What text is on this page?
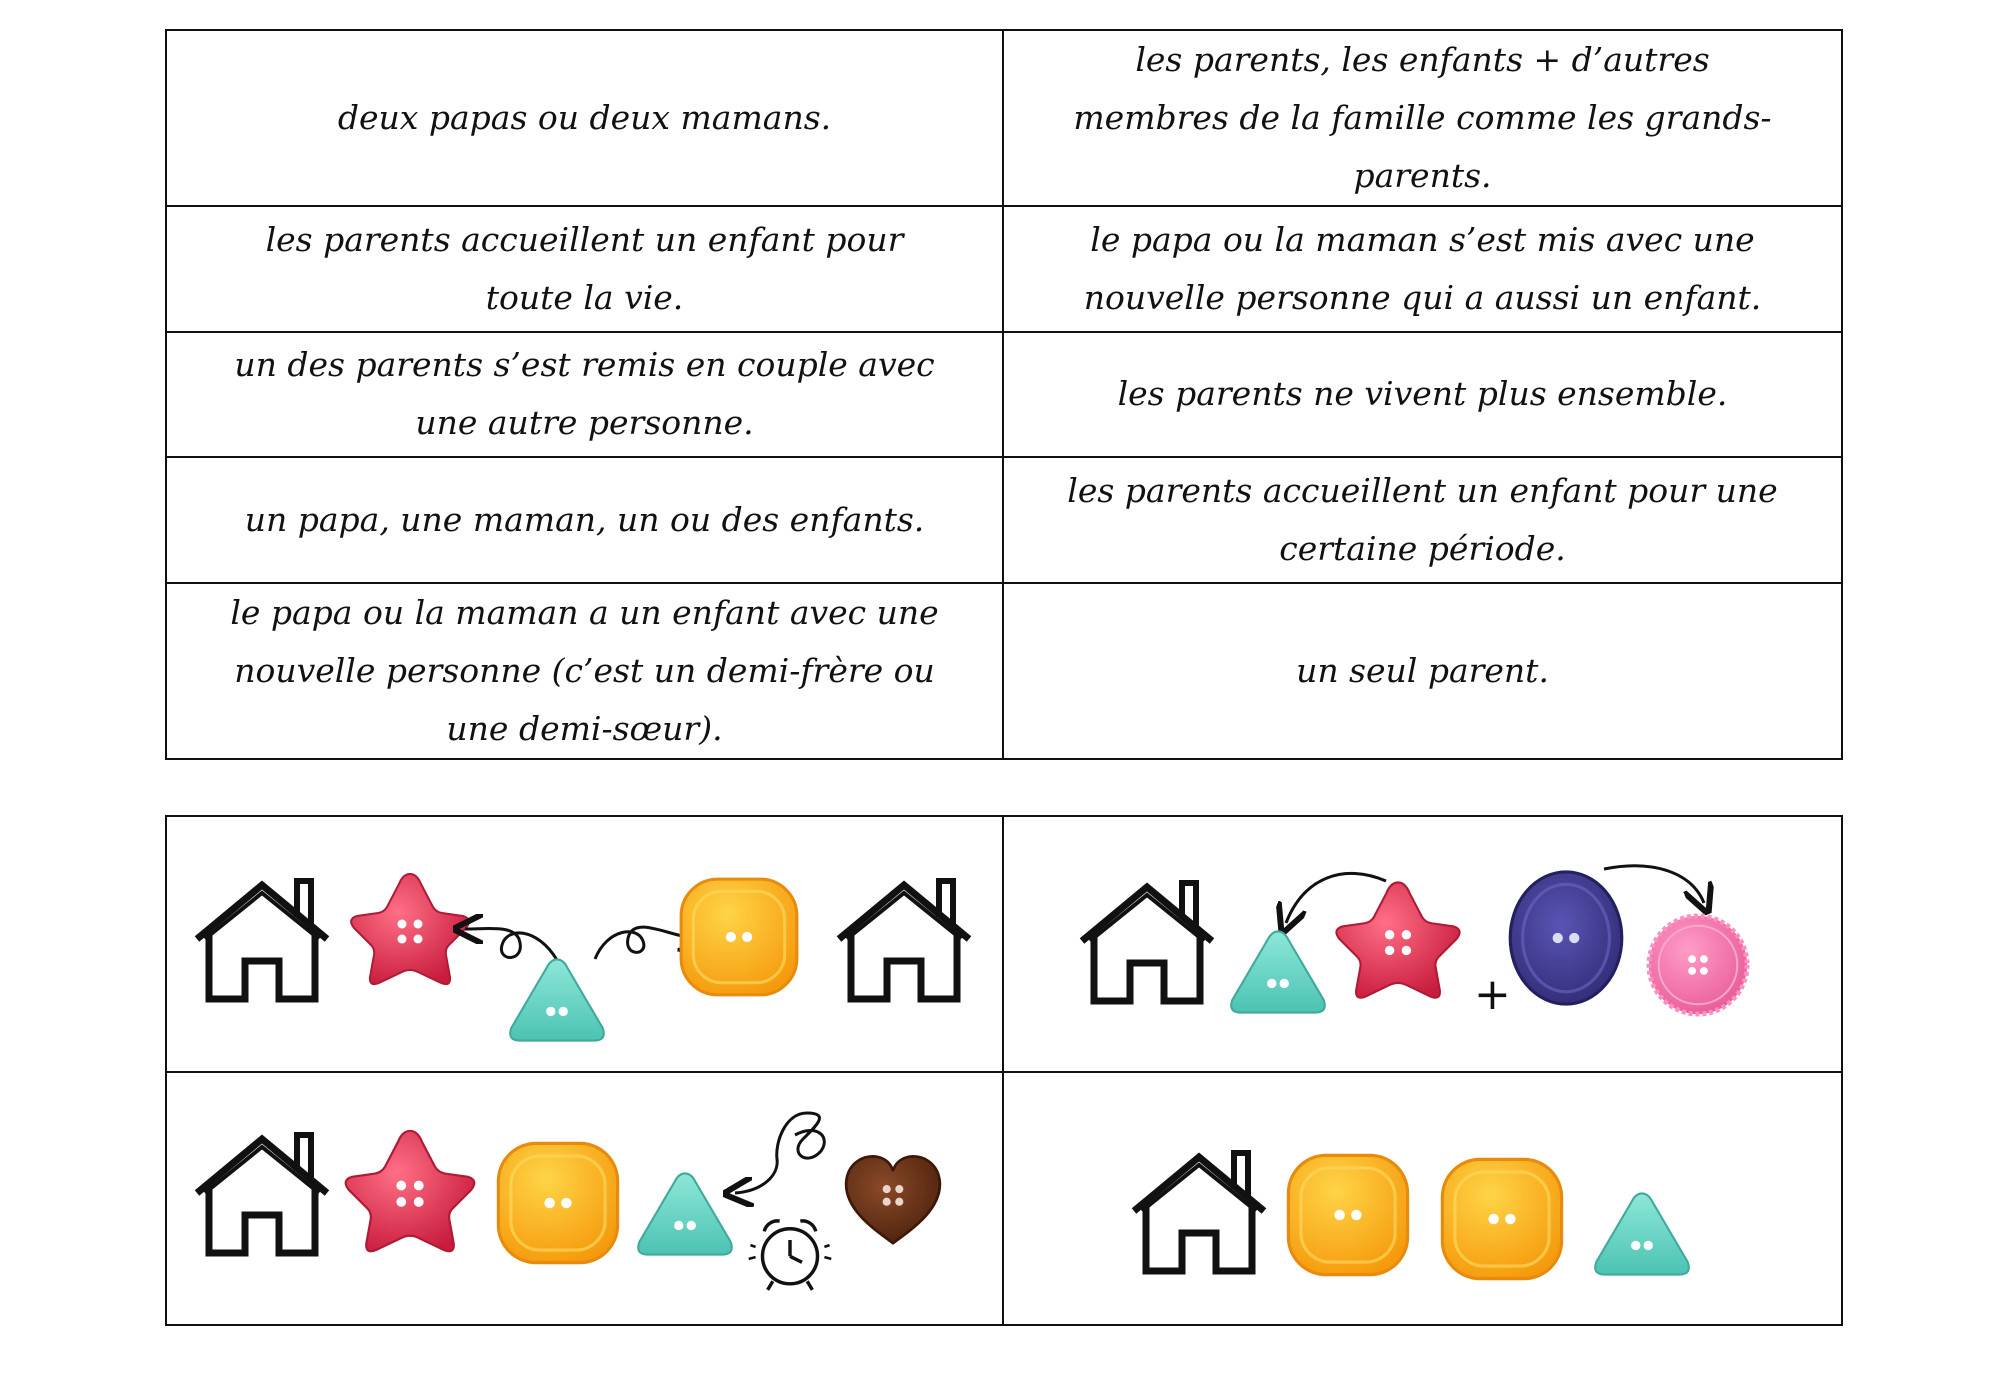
deux papas ou deux mamans.
les parents, les enfants + d’autres membres de la famille comme les grands-parents.
les parents accueillent un enfant pour toute la vie.
le papa ou la maman s’est mis avec une nouvelle personne qui a aussi un enfant.
un des parents s’est remis en couple avec une autre personne.
les parents ne vivent plus ensemble.
un papa, une maman, un ou des enfants.
les parents accueillent un enfant pour une certaine période.
le papa ou la maman a un enfant avec une nouvelle personne (c’est un demi-frère ou une demi-sœur).
un seul parent.
+
